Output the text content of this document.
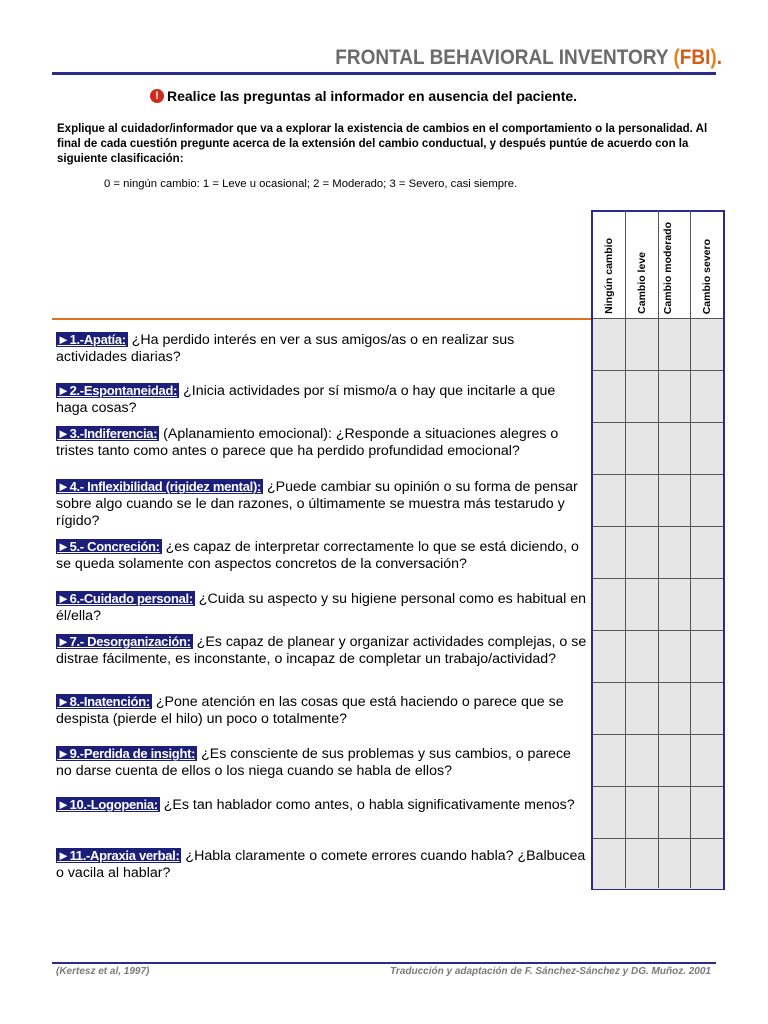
FRONTAL BEHAVIORAL INVENTORY (FBI).
! Realice las preguntas al informador en ausencia del paciente.
Explique al cuidador/informador que va a explorar la existencia de cambios en el comportamiento o la personalidad. Al final de cada cuestión pregunte acerca de la extensión del cambio conductual, y después puntúe de acuerdo con la siguiente clasificación:
0 = ningún cambio: 1 = Leve u ocasional; 2 = Moderado; 3 = Severo, casi siempre.
Ningún cambio Cambio leve Cambio moderado	Cambio severo
►1.-Apatía: ¿Ha perdido interés en ver a sus amigos/as o en realizar sus actividades diarias?
►2.-Espontaneidad: ¿Inicia actividades por sí mismo/a o hay que incitarle a que haga cosas?
►3.-Indiferencia: (Aplanamiento emocional): ¿Responde a situaciones alegres o tristes tanto como antes o parece que ha perdido profundidad emocional?
►4.- Inflexibilidad (rigidez mental): ¿Puede cambiar su opinión o su forma de pensar sobre algo cuando se le dan razones, o últimamente se muestra más testarudo y rígido?
►5.- Concreción: ¿es capaz de interpretar correctamente lo que se está diciendo, o se queda solamente con aspectos concretos de la conversación?
►6.-Cuidado personal: ¿Cuida su aspecto y su higiene personal como es habitual en él/ella?
►7.- Desorganización: ¿Es capaz de planear y organizar actividades complejas, o se distrae fácilmente, es inconstante, o incapaz de completar un trabajo/actividad?
►8.-Inatención: ¿Pone atención en las cosas que está haciendo o parece que se despista (pierde el hilo) un poco o totalmente?
►9.-Perdida de insight: ¿Es consciente de sus problemas y sus cambios, o parece no darse cuenta de ellos o los niega cuando se habla de ellos?
►10.-Logopenia: ¿Es tan hablador como antes, o habla significativamente menos?
►11.-Apraxia verbal: ¿Habla claramente o comete errores cuando habla? ¿Balbucea o vacila al hablar?
(Kertesz et al, 1997)	Traducción y adaptación de F. Sánchez-Sánchez y DG. Muñoz. 2001
